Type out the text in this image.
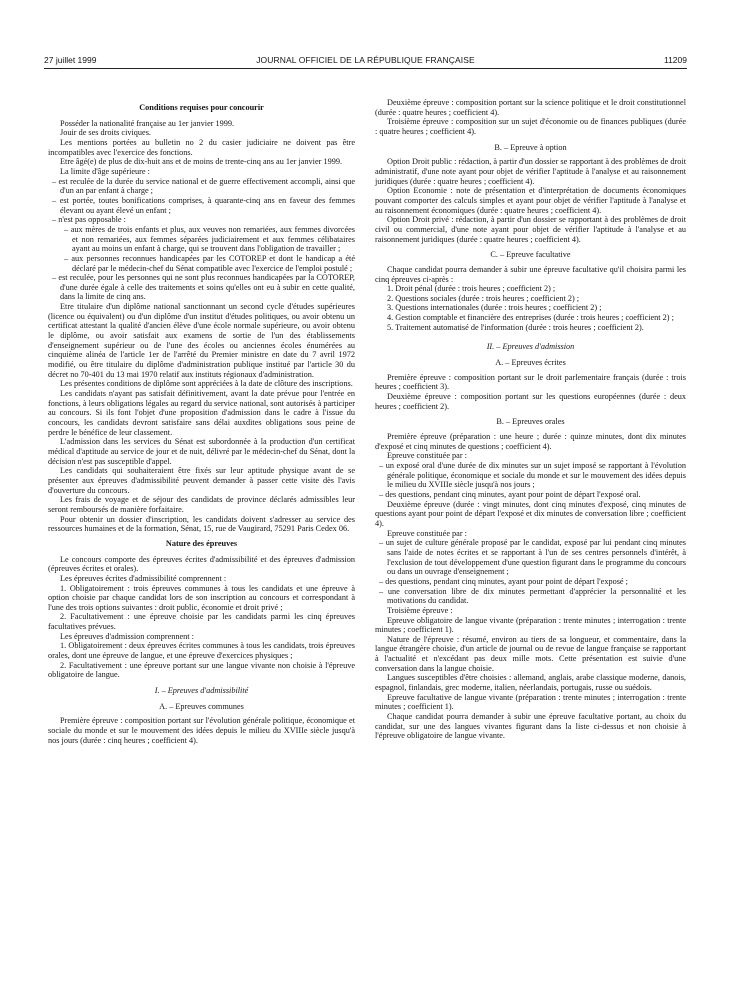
27 juillet 1999	JOURNAL OFFICIEL DE LA RÉPUBLIQUE FRANÇAISE	11209

Conditions requises pour concourir

Posséder la nationalité française au 1er janvier 1999.

Jouir de ses droits civiques.

Les mentions portées au bulletin no 2 du casier judiciaire ne doivent pas être incompatibles avec l'exercice des fonctions.

Etre âgé(e) de plus de dix-huit ans et de moins de trente-cinq ans au 1er janvier 1999.

La limite d'âge supérieure :

– est reculée de la durée du service national et de guerre effectivement accompli, ainsi que d'un an par enfant à charge ;

– est portée, toutes bonifications comprises, à quarante-cinq ans en faveur des femmes élevant ou ayant élevé un enfant ;

– n'est pas opposable :

– aux mères de trois enfants et plus, aux veuves non remariées, aux femmes divorcées et non remariées, aux femmes séparées judiciairement et aux femmes célibataires ayant au moins un enfant à charge, qui se trouvent dans l'obligation de travailler ;

– aux personnes reconnues handicapées par les COTOREP et dont le handicap a été déclaré par le médecin-chef du Sénat compatible avec l'exercice de l'emploi postulé ;

– est reculée, pour les personnes qui ne sont plus reconnues handicapées par la COTOREP, d'une durée égale à celle des traitements et soins qu'elles ont eu à subir en cette qualité, dans la limite de cinq ans.

Etre titulaire d'un diplôme national sanctionnant un second cycle d'études supérieures (licence ou équivalent) ou d'un diplôme d'un institut d'études politiques, ou avoir obtenu un certificat attestant la qualité d'ancien élève d'une école normale supérieure, ou avoir obtenu le diplôme, ou avoir satisfait aux examens de sortie de l'un des établissements d'enseignement supérieur ou de l'une des écoles ou anciennes écoles énumérées au cinquième alinéa de l'article 1er de l'arrêté du Premier ministre en date du 7 avril 1972 modifié, ou être titulaire du diplôme d'administration publique institué par l'article 30 du décret no 70-401 du 13 mai 1970 relatif aux instituts régionaux d'administration.

Les présentes conditions de diplôme sont appréciées à la date de clôture des inscriptions.

Les candidats n'ayant pas satisfait définitivement, avant la date prévue pour l'entrée en fonctions, à leurs obligations légales au regard du service national, sont autorisés à participer au concours. Si ils font l'objet d'une proposition d'admission dans le cadre à l'issue du concours, les candidats devront satisfaire sans délai auxdites obligations sous peine de perdre le bénéfice de leur classement.

L'admission dans les services du Sénat est subordonnée à la production d'un certificat médical d'aptitude au service de jour et de nuit, délivré par le médecin-chef du Sénat, dont la décision n'est pas susceptible d'appel.

Les candidats qui souhaiteraient être fixés sur leur aptitude physique avant de se présenter aux épreuves d'admissibilité peuvent demander à passer cette visite dès l'avis d'ouverture du concours.

Les frais de voyage et de séjour des candidats de province déclarés admissibles leur seront remboursés de manière forfaitaire.

Pour obtenir un dossier d'inscription, les candidats doivent s'adresser au service des ressources humaines et de la formation, Sénat, 15, rue de Vaugirard, 75291 Paris Cedex 06.

Nature des épreuves

Le concours comporte des épreuves écrites d'admissibilité et des épreuves d'admission (épreuves écrites et orales).

Les épreuves écrites d'admissibilité comprennent :

1. Obligatoirement : trois épreuves communes à tous les candidats et une épreuve à option choisie par chaque candidat lors de son inscription au concours et correspondant à l'une des trois options suivantes : droit public, économie et droit privé ;

2. Facultativement : une épreuve choisie par les candidats parmi les cinq épreuves facultatives prévues.

Les épreuves d'admission comprennent :

1. Obligatoirement : deux épreuves écrites communes à tous les candidats, trois épreuves orales, dont une épreuve de langue, et une épreuve d'exercices physiques ;

2. Facultativement : une épreuve portant sur une langue vivante non choisie à l'épreuve obligatoire de langue.

I. – Epreuves d'admissibilité

A. – Epreuves communes

Première épreuve : composition portant sur l'évolution générale politique, économique et sociale du monde et sur le mouvement des idées depuis le milieu du XVIIIe siècle jusqu'à nos jours (durée : cinq heures ; coefficient 4).

Deuxième épreuve : composition portant sur la science politique et le droit constitutionnel (durée : quatre heures ; coefficient 4).

Troisième épreuve : composition sur un sujet d'économie ou de finances publiques (durée : quatre heures ; coefficient 4).

B. – Epreuve à option

Option Droit public : rédaction, à partir d'un dossier se rapportant à des problèmes de droit administratif, d'une note ayant pour objet de vérifier l'aptitude à l'analyse et au raisonnement juridiques (durée : quatre heures ; coefficient 4).

Option Economie : note de présentation et d'interprétation de documents économiques pouvant comporter des calculs simples et ayant pour objet de vérifier l'aptitude à l'analyse et au raisonnement économiques (durée : quatre heures ; coefficient 4).

Option Droit privé : rédaction, à partir d'un dossier se rapportant à des problèmes de droit civil ou commercial, d'une note ayant pour objet de vérifier l'aptitude à l'analyse et au raisonnement juridiques (durée : quatre heures ; coefficient 4).

C. – Epreuve facultative

Chaque candidat pourra demander à subir une épreuve facultative qu'il choisira parmi les cinq épreuves ci-après :

1. Droit pénal (durée : trois heures ; coefficient 2) ;

2. Questions sociales (durée : trois heures ; coefficient 2) ;

3. Questions internationales (durée : trois heures ; coefficient 2) ;

4. Gestion comptable et financière des entreprises (durée : trois heures ; coefficient 2) ;

5. Traitement automatisé de l'information (durée : trois heures ; coefficient 2).

II. – Epreuves d'admission

A. – Epreuves écrites

Première épreuve : composition portant sur le droit parlementaire français (durée : trois heures ; coefficient 3).

Deuxième épreuve : composition portant sur les questions européennes (durée : deux heures ; coefficient 2).

B. – Epreuves orales

Première épreuve (préparation : une heure ; durée : quinze minutes, dont dix minutes d'exposé et cinq minutes de questions ; coefficient 4).

Epreuve constituée par :

– un exposé oral d'une durée de dix minutes sur un sujet imposé se rapportant à l'évolution générale politique, économique et sociale du monde et sur le mouvement des idées depuis le milieu du XVIIIe siècle jusqu'à nos jours ;

– des questions, pendant cinq minutes, ayant pour point de départ l'exposé oral.

Deuxième épreuve (durée : vingt minutes, dont cinq minutes d'exposé, cinq minutes de questions ayant pour point de départ l'exposé et dix minutes de conversation libre ; coefficient 4).

Epreuve constituée par :

– un sujet de culture générale proposé par le candidat, exposé par lui pendant cinq minutes sans l'aide de notes écrites et se rapportant à l'un de ses centres personnels d'intérêt, à l'exclusion de tout développement d'une question figurant dans le programme du concours ou dans un ouvrage d'enseignement ;

– des questions, pendant cinq minutes, ayant pour point de départ l'exposé ;

– une conversation libre de dix minutes permettant d'apprécier la personnalité et les motivations du candidat.

Troisième épreuve :

Epreuve obligatoire de langue vivante (préparation : trente minutes ; interrogation : trente minutes ; coefficient 1).

Nature de l'épreuve : résumé, environ au tiers de sa longueur, et commentaire, dans la langue étrangère choisie, d'un article de journal ou de revue de langue française se rapportant à l'actualité et n'excédant pas deux mille mots. Cette présentation est suivie d'une conversation dans la langue choisie.

Langues susceptibles d'être choisies : allemand, anglais, arabe classique moderne, danois, espagnol, finlandais, grec moderne, italien, néerlandais, portugais, russe ou suédois.

Epreuve facultative de langue vivante (préparation : trente minutes ; interrogation : trente minutes ; coefficient 1).

Chaque candidat pourra demander à subir une épreuve facultative portant, au choix du candidat, sur une des langues vivantes figurant dans la liste ci-dessus et non choisie à l'épreuve obligatoire de langue vivante.
